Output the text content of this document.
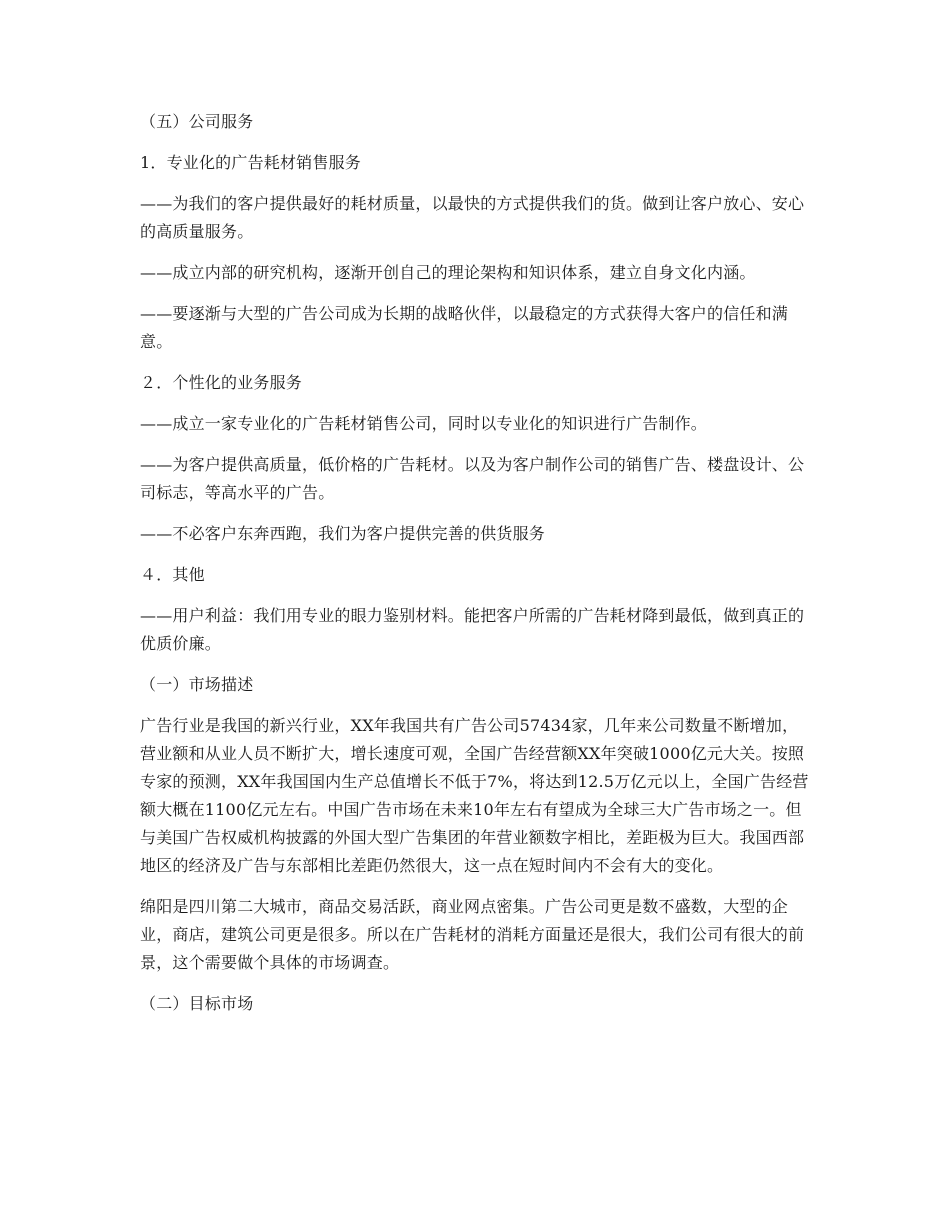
（五）公司服务

1．专业化的广告耗材销售服务

——为我们的客户提供最好的耗材质量，以最快的方式提供我们的货。做到让客户放心、安心的高质量服务。

——成立内部的研究机构，逐渐开创自己的理论架构和知识体系，建立自身文化内涵。

——要逐渐与大型的广告公司成为长期的战略伙伴，以最稳定的方式获得大客户的信任和满意。

２．个性化的业务服务

——成立一家专业化的广告耗材销售公司，同时以专业化的知识进行广告制作。

——为客户提供高质量，低价格的广告耗材。以及为客户制作公司的销售广告、楼盘设计、公司标志，等高水平的广告。

——不必客户东奔西跑，我们为客户提供完善的供货服务

４．其他

——用户利益：我们用专业的眼力鉴别材料。能把客户所需的广告耗材降到最低，做到真正的优质价廉。

（一）市场描述

广告行业是我国的新兴行业，XX年我国共有广告公司57434家，几年来公司数量不断增加，营业额和从业人员不断扩大，增长速度可观，全国广告经营额XX年突破1000亿元大关。按照专家的预测，XX年我国国内生产总值增长不低于7%，将达到12.5万亿元以上，全国广告经营额大概在1100亿元左右。中国广告市场在未来10年左右有望成为全球三大广告市场之一。但与美国广告权威机构披露的外国大型广告集团的年营业额数字相比，差距极为巨大。我国西部地区的经济及广告与东部相比差距仍然很大，这一点在短时间内不会有大的变化。

绵阳是四川第二大城市，商品交易活跃，商业网点密集。广告公司更是数不盛数，大型的企业，商店，建筑公司更是很多。所以在广告耗材的消耗方面量还是很大，我们公司有很大的前景，这个需要做个具体的市场调查。

（二）目标市场
